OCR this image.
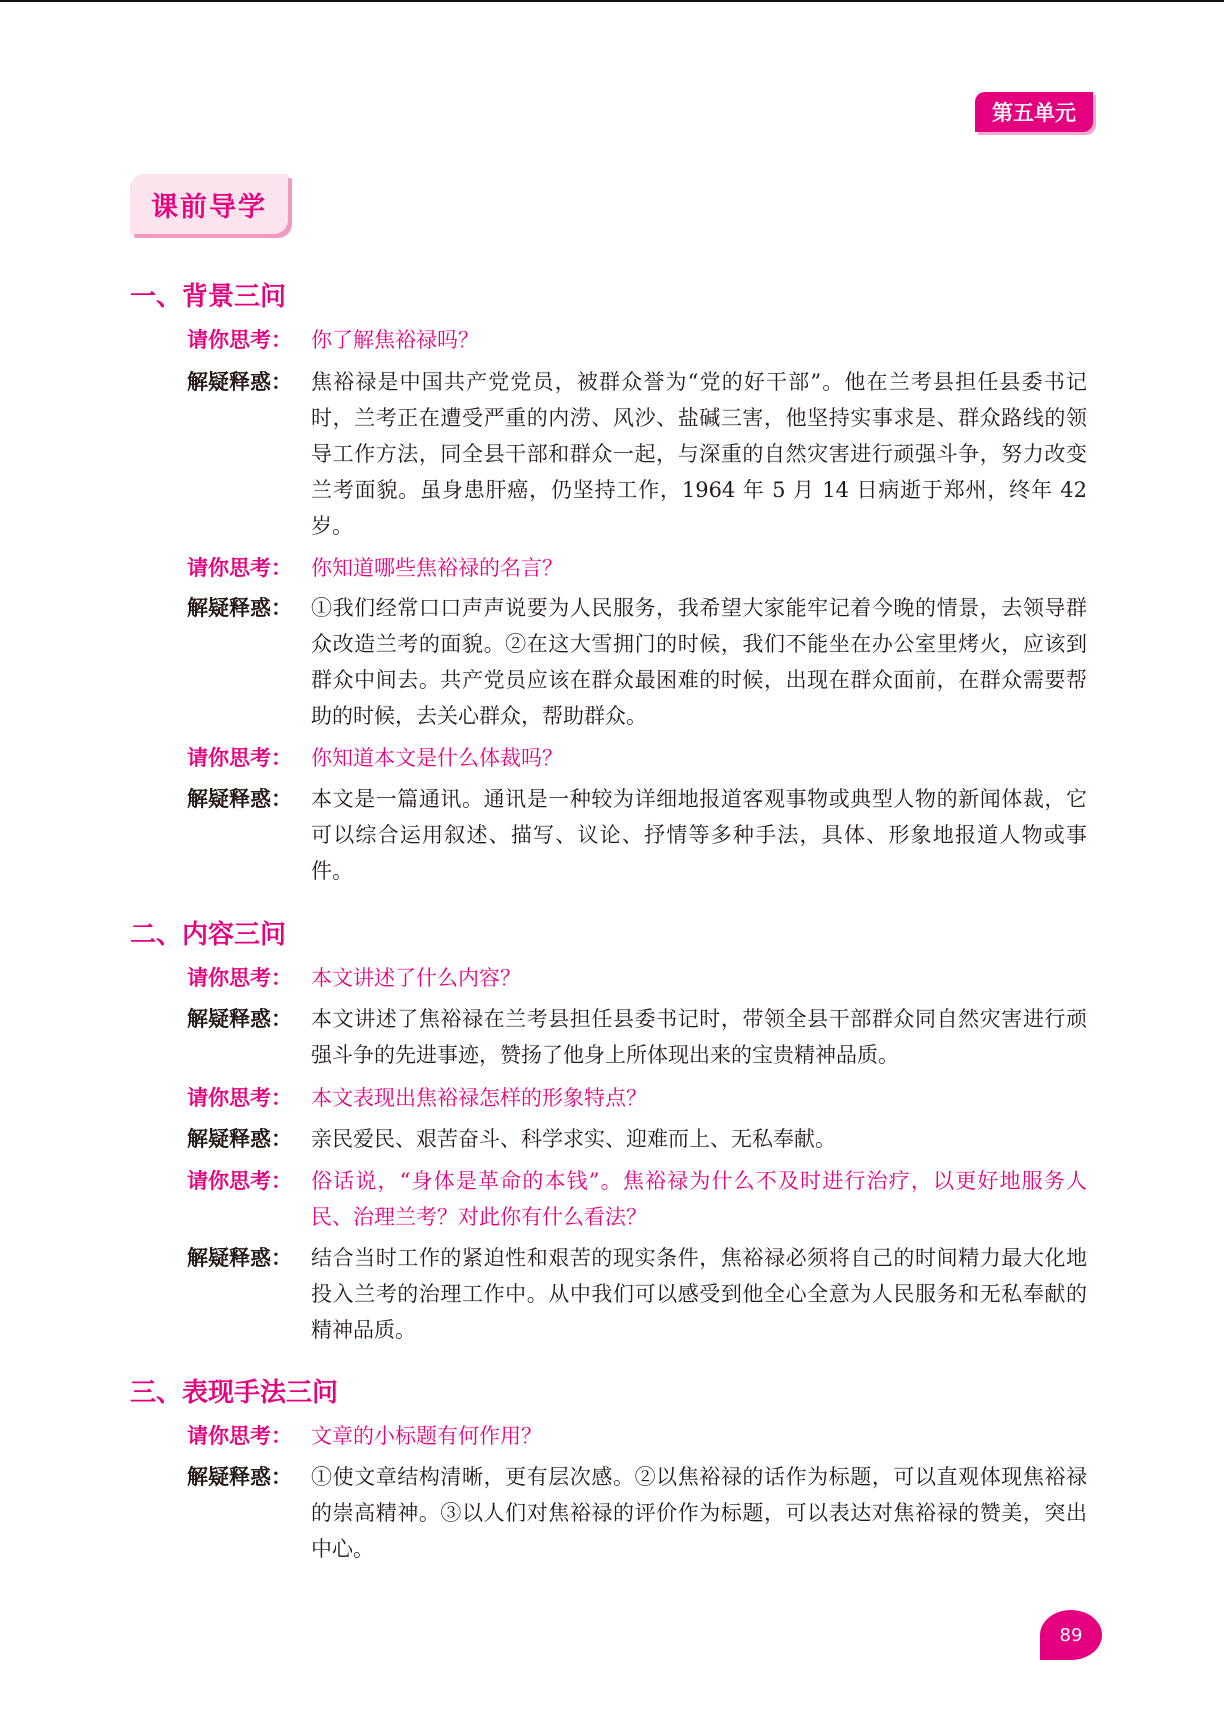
第五单元
课前导学
一、背景三问
请你思考： 你了解焦裕禄吗？
解疑释惑： 焦裕禄是中国共产党党员，被群众誉为“党的好干部”。他在兰考县担任县委书记时，兰考正在遭受严重的内涝、风沙、盐碱三害，他坚持实事求是、群众路线的领导工作方法，同全县干部和群众一起，与深重的自然灾害进行顽强斗争，努力改变兰考面貌。虽身患肝癌，仍坚持工作，1964 年 5 月 14 日病逝于郑州，终年 42 岁。
请你思考： 你知道哪些焦裕禄的名言？
解疑释惑： ①我们经常口口声声说要为人民服务，我希望大家能牢记着今晚的情景，去领导群众改造兰考的面貌。②在这大雪拥门的时候，我们不能坐在办公室里烤火，应该到群众中间去。共产党员应该在群众最困难的时候，出现在群众面前，在群众需要帮助的时候，去关心群众，帮助群众。
请你思考： 你知道本文是什么体裁吗？
解疑释惑： 本文是一篇通讯。通讯是一种较为详细地报道客观事物或典型人物的新闻体裁，它可以综合运用叙述、描写、议论、抒情等多种手法，具体、形象地报道人物或事件。
二、内容三问
请你思考： 本文讲述了什么内容？
解疑释惑： 本文讲述了焦裕禄在兰考县担任县委书记时，带领全县干部群众同自然灾害进行顽强斗争的先进事迹，赞扬了他身上所体现出来的宝贵精神品质。
请你思考： 本文表现出焦裕禄怎样的形象特点？
解疑释惑： 亲民爱民、艰苦奋斗、科学求实、迎难而上、无私奉献。
请你思考： 俗话说，“身体是革命的本钱”。焦裕禄为什么不及时进行治疗，以更好地服务人民、治理兰考？对此你有什么看法？
解疑释惑： 结合当时工作的紧迫性和艰苦的现实条件，焦裕禄必须将自己的时间精力最大化地投入兰考的治理工作中。从中我们可以感受到他全心全意为人民服务和无私奉献的精神品质。
三、表现手法三问
请你思考： 文章的小标题有何作用？
解疑释惑： ①使文章结构清晰，更有层次感。②以焦裕禄的话作为标题，可以直观体现焦裕禄的崇高精神。③以人们对焦裕禄的评价作为标题，可以表达对焦裕禄的赞美，突出中心。
89
